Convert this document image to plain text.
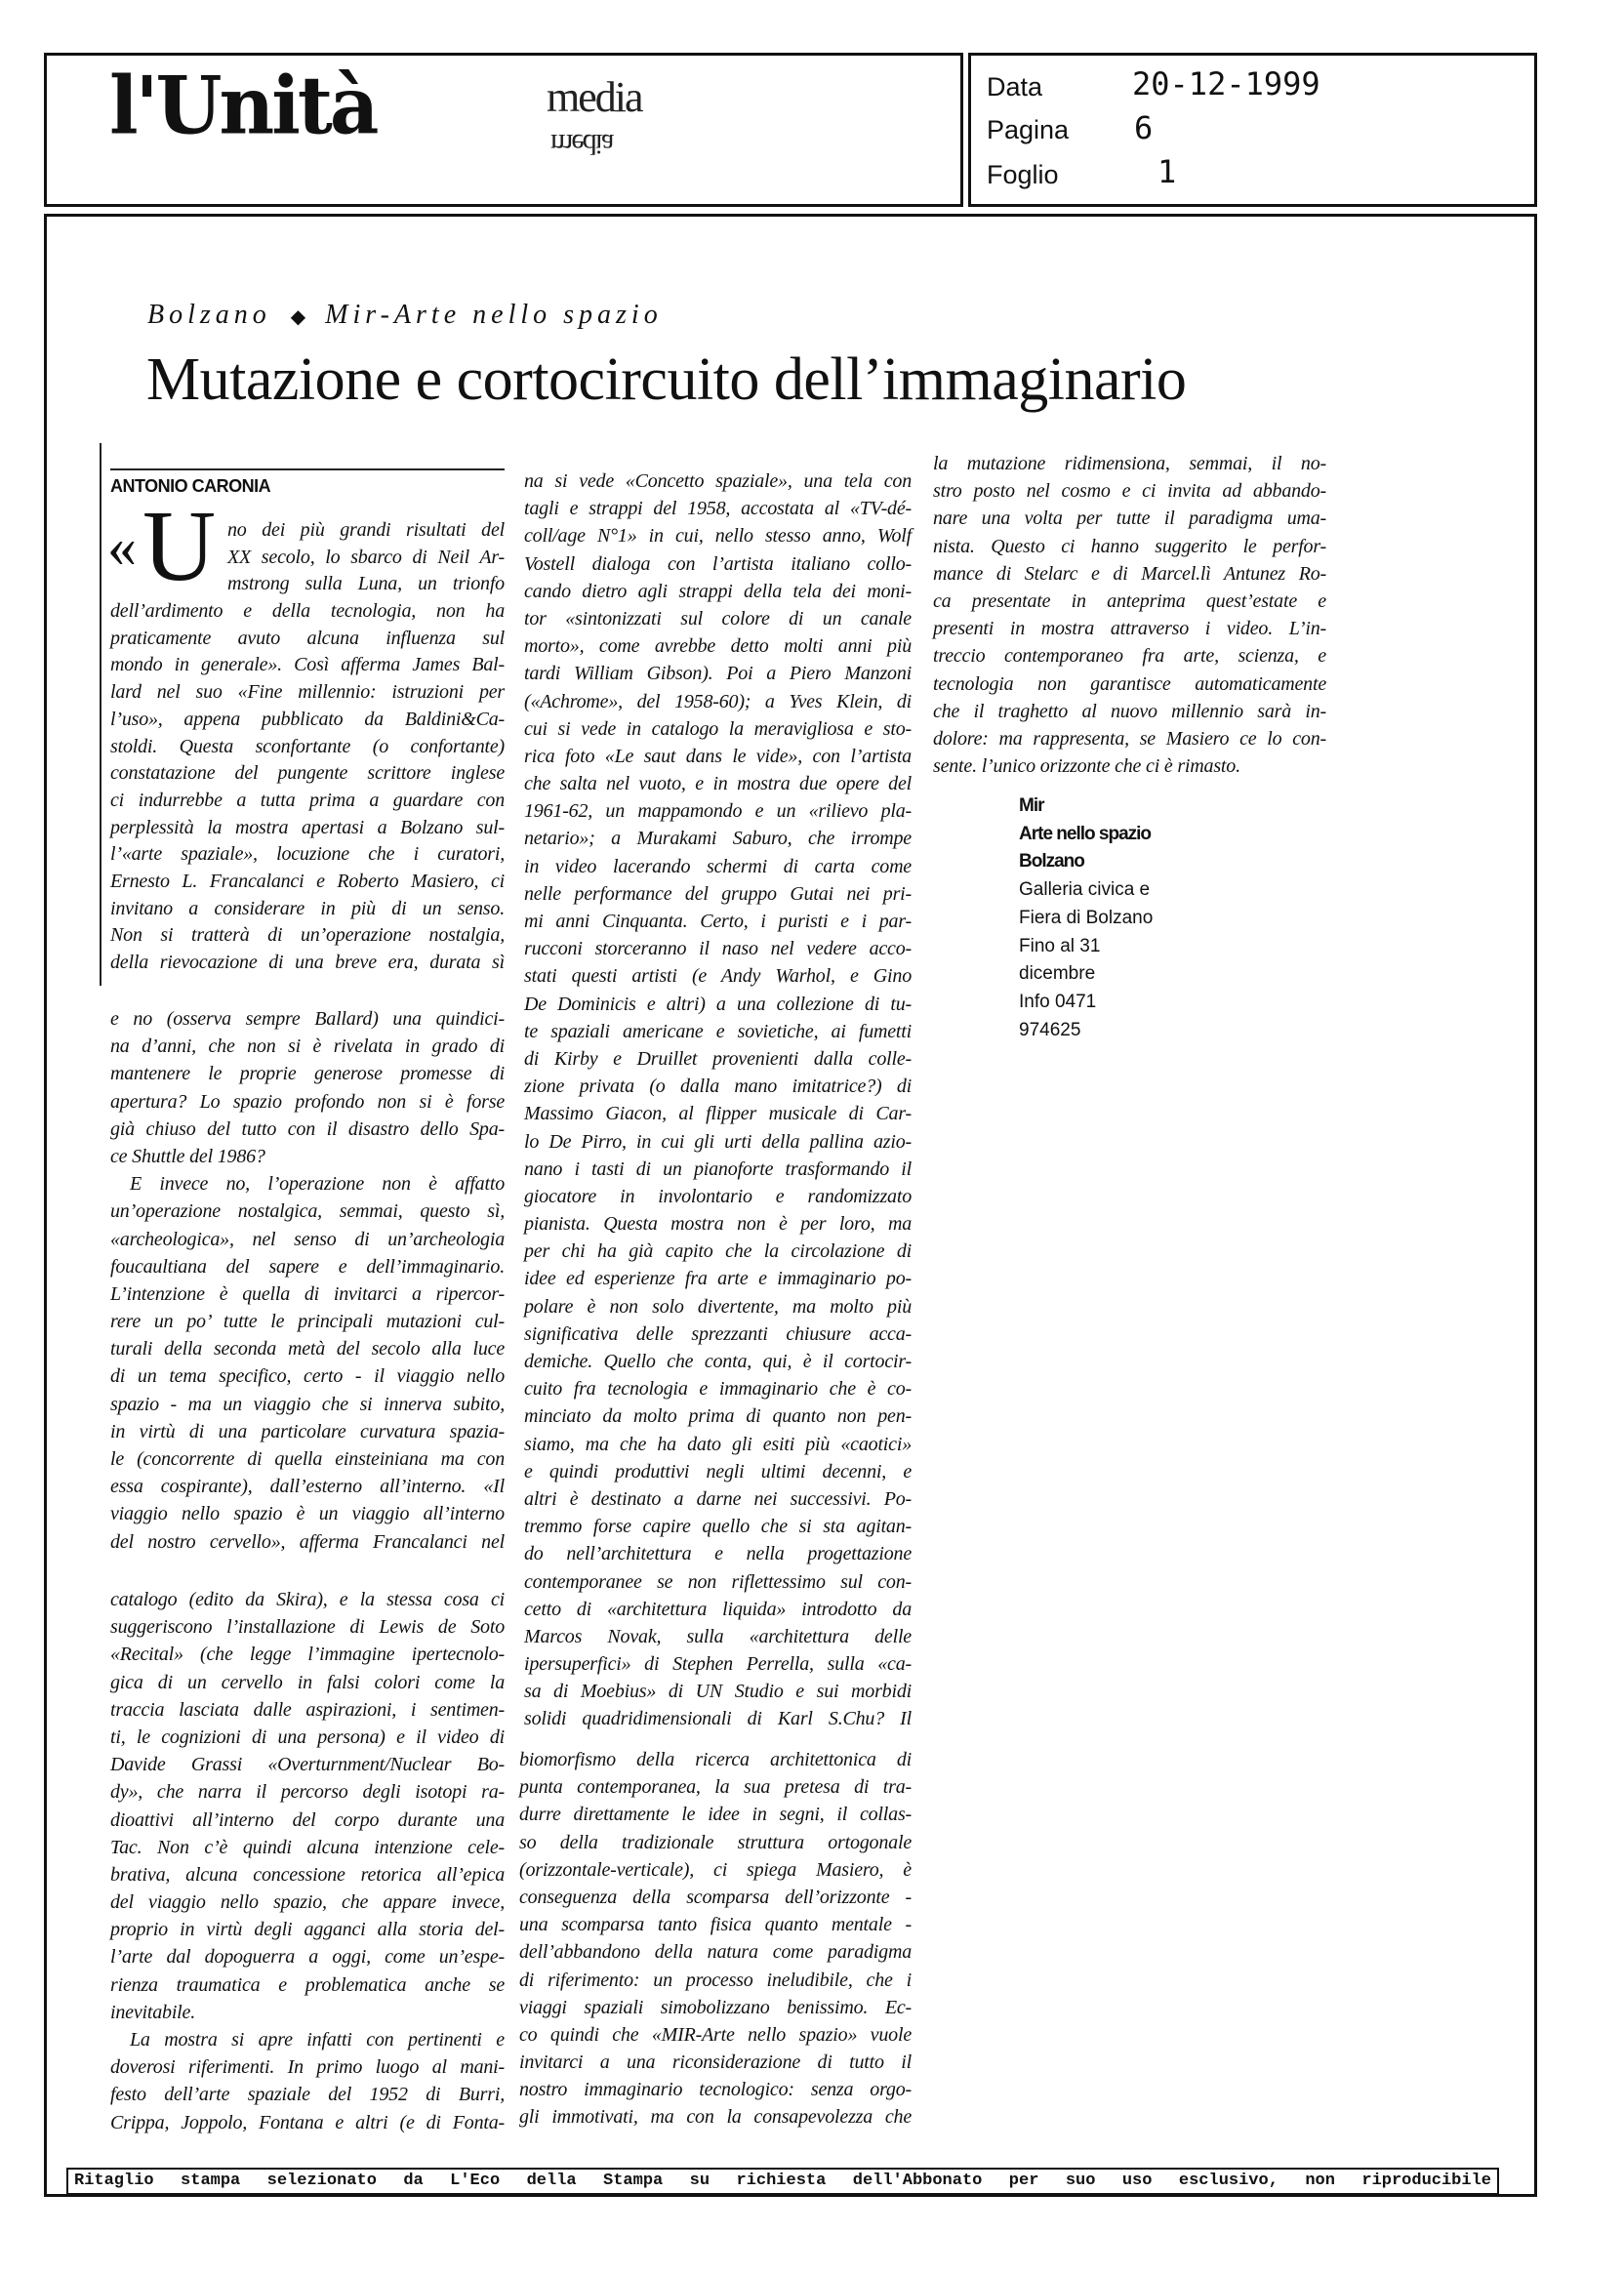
l'Unità	media
media
Data	20-12-1999
Pagina 6
Foglio	1
Bolzano ◆ Mir-Arte nello spazio
Mutazione e cortocircuito dell’immaginario
ANTONIO CARONIA
« U no dei più grandi risultati del
XX secolo, lo sbarco di Neil Ar-
mstrong sulla Luna, un trionfo
dell’ardimento e della tecnologia, non ha
praticamente avuto alcuna influenza sul
mondo in generale». Così afferma James Bal-
lard nel suo «Fine millennio: istruzioni per
l’uso», appena pubblicato da Baldini&Ca-
stoldi. Questa sconfortante (o confortante)
constatazione del pungente scrittore inglese
ci indurrebbe a tutta prima a guardare con
perplessità la mostra apertasi a Bolzano sul-
l’«arte spaziale», locuzione che i curatori,
Ernesto L. Francalanci e Roberto Masiero, ci
invitano a considerare in più di un senso.
Non si tratterà di un’operazione nostalgia,
della rievocazione di una breve era, durata sì
e no (osserva sempre Ballard) una quindici-
na d’anni, che non si è rivelata in grado di
mantenere le proprie generose promesse di
apertura? Lo spazio profondo non si è forse
già chiuso del tutto con il disastro dello Spa-
ce Shuttle del 1986?
E invece no, l’operazione non è affatto
un’operazione nostalgica, semmai, questo sì,
«archeologica», nel senso di un’archeologia
foucaultiana del sapere e dell’immaginario.
L’intenzione è quella di invitarci a ripercor-
rere un po’ tutte le principali mutazioni cul-
turali della seconda metà del secolo alla luce
di un tema specifico, certo - il viaggio nello
spazio - ma un viaggio che si innerva subito,
in virtù di una particolare curvatura spazia-
le (concorrente di quella einsteiniana ma con
essa cospirante), dall’esterno all’interno. «Il
viaggio nello spazio è un viaggio all’interno
del nostro cervello», afferma Francalanci nel
catalogo (edito da Skira), e la stessa cosa ci
suggeriscono l’installazione di Lewis de Soto
«Recital» (che legge l’immagine ipertecnolo-
gica di un cervello in falsi colori come la
traccia lasciata dalle aspirazioni, i sentimen-
ti, le cognizioni di una persona) e il video di
Davide Grassi «Overturnment/Nuclear Bo-
dy», che narra il percorso degli isotopi ra-
dioattivi all’interno del corpo durante una
Tac. Non c’è quindi alcuna intenzione cele-
brativa, alcuna concessione retorica all’epica
del viaggio nello spazio, che appare invece,
proprio in virtù degli agganci alla storia del-
l’arte dal dopoguerra a oggi, come un’espe-
rienza traumatica e problematica anche se
inevitabile.
La mostra si apre infatti con pertinenti e
doverosi riferimenti. In primo luogo al mani-
festo dell’arte spaziale del 1952 di Burri,
Crippa, Joppolo, Fontana e altri (e di Fonta-
na si vede «Concetto spaziale», una tela con
tagli e strappi del 1958, accostata al «TV-dé-
coll/age N°1» in cui, nello stesso anno, Wolf
Vostell dialoga con l’artista italiano collo-
cando dietro agli strappi della tela dei moni-
tor «sintonizzati sul colore di un canale
morto», come avrebbe detto molti anni più
tardi William Gibson). Poi a Piero Manzoni
(«Achrome», del 1958-60); a Yves Klein, di
cui si vede in catalogo la meravigliosa e sto-
rica foto «Le saut dans le vide», con l’artista
che salta nel vuoto, e in mostra due opere del
1961-62, un mappamondo e un «rilievo pla-
netario»; a Murakami Saburo, che irrompe
in video lacerando schermi di carta come
nelle performance del gruppo Gutai nei pri-
mi anni Cinquanta. Certo, i puristi e i par-
rucconi storceranno il naso nel vedere acco-
stati questi artisti (e Andy Warhol, e Gino
De Dominicis e altri) a una collezione di tu-
te spaziali americane e sovietiche, ai fumetti
di Kirby e Druillet provenienti dalla colle-
zione privata (o dalla mano imitatrice?) di
Massimo Giacon, al flipper musicale di Car-
lo De Pirro, in cui gli urti della pallina azio-
nano i tasti di un pianoforte trasformando il
giocatore in involontario e randomizzato
pianista. Questa mostra non è per loro, ma
per chi ha già capito che la circolazione di
idee ed esperienze fra arte e immaginario po-
polare è non solo divertente, ma molto più
significativa delle sprezzanti chiusure acca-
demiche. Quello che conta, qui, è il cortocir-
cuito fra tecnologia e immaginario che è co-
minciato da molto prima di quanto non pen-
siamo, ma che ha dato gli esiti più «caotici»
e quindi produttivi negli ultimi decenni, e
altri è destinato a darne nei successivi. Po-
tremmo forse capire quello che si sta agitan-
do nell’architettura e nella progettazione
contemporanee se non riflettessimo sul con-
cetto di «architettura liquida» introdotto da
Marcos Novak, sulla «architettura delle
ipersuperfici» di Stephen Perrella, sulla «ca-
sa di Moebius» di UN Studio e sui morbidi
solidi quadridimensionali di Karl S.Chu? Il
biomorfismo della ricerca architettonica di
punta contemporanea, la sua pretesa di tra-
durre direttamente le idee in segni, il collas-
so della tradizionale struttura ortogonale
(orizzontale-verticale), ci spiega Masiero, è
conseguenza della scomparsa dell’orizzonte -
una scomparsa tanto fisica quanto mentale -
dell’abbandono della natura come paradigma
di riferimento: un processo ineludibile, che i
viaggi spaziali simobolizzano benissimo. Ec-
co quindi che «MIR-Arte nello spazio» vuole
invitarci a una riconsiderazione di tutto il
nostro immaginario tecnologico: senza orgo-
gli immotivati, ma con la consapevolezza che
la mutazione ridimensiona, semmai, il no-
stro posto nel cosmo e ci invita ad abbando-
nare una volta per tutte il paradigma uma-
nista. Questo ci hanno suggerito le perfor-
mance di Stelarc e di Marcel.lì Antunez Ro-
ca presentate in anteprima quest’estate e
presenti in mostra attraverso i video. L’in-
treccio contemporaneo fra arte, scienza, e
tecnologia non garantisce automaticamente
che il traghetto al nuovo millennio sarà in-
dolore: ma rappresenta, se Masiero ce lo con-
sente. l’unico orizzonte che ci è rimasto.
Mir
Arte nello spazio
Bolzano
Galleria civica e
Fiera di Bolzano
Fino al 31
dicembre
Info 0471
974625
Ritaglio stampa selezionato da L'Eco della Stampa su richiesta dell'Abbonato per suo uso esclusivo, non riproducibile
